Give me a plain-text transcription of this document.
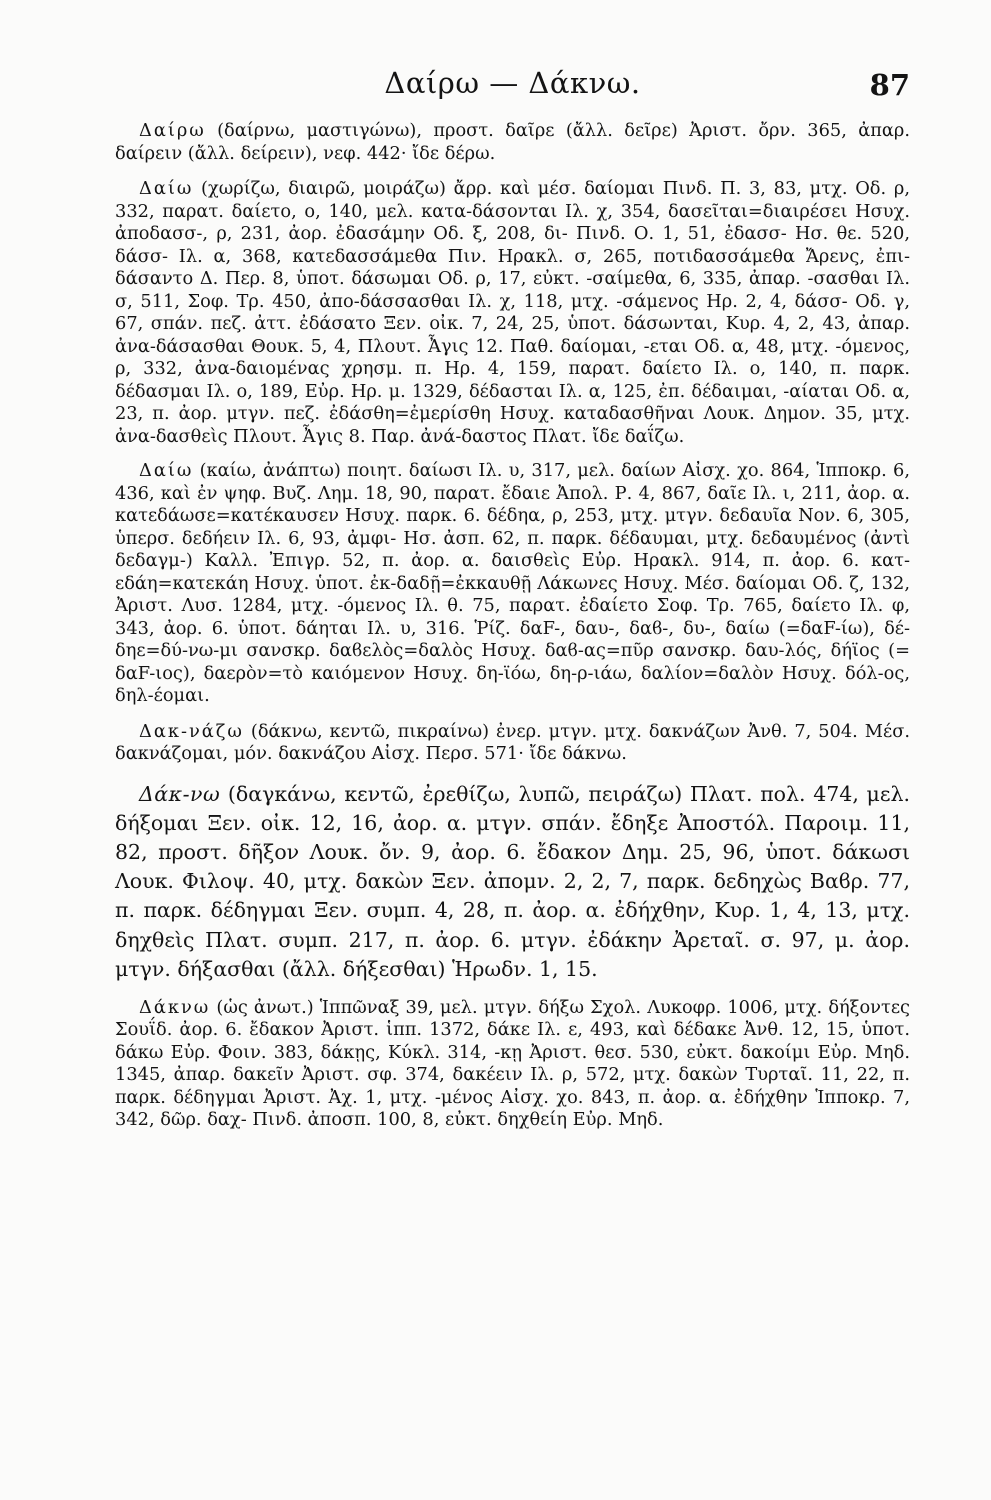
Δαίρω — Δάκνω.	87

Δαίρω (δαίρνω, μαστιγώνω), προστ. δαῖρε (ἄλλ. δεῖρε) Ἀριστ. ὄρν. 365, ἀπαρ. δαίρειν (ἄλλ. δείρειν), νεφ. 442· ἴδε δέρω.

Δαίω (χωρίζω, διαιρῶ, μοιράζω) ἄρρ. καὶ μέσ. δαίομαι Πινδ. Π. 3, 83, μτχ. Οδ. ρ, 332, παρατ. δαίετο, ο, 140, μελ. κατα-δάσονται Ιλ. χ, 354, δασεῖται=διαιρέσει Ησυχ. ἀποδασσ-, ρ, 231, ἀορ. ἐδασάμην Οδ. ξ, 208, δι- Πινδ. Ο. 1, 51, ἐδασσ- Ησ. θε. 520, δάσσ- Ιλ. α, 368, κατεδασσάμεθα Πιν. Ηρακλ. σ, 265, ποτιδασσάμεθα Ἄρενς, ἐπι-δάσαντο Δ. Περ. 8, ὑποτ. δάσωμαι Οδ. ρ, 17, εὐκτ. -σαίμεθα, 6, 335, ἀπαρ. -σασθαι Ιλ. σ, 511, Σοφ. Τρ. 450, ἀπο-δάσσασθαι Ιλ. χ, 118, μτχ. -σάμενος Ηρ. 2, 4, δάσσ- Οδ. γ, 67, σπάν. πεζ. ἀττ. ἐδάσατο Ξεν. οἰκ. 7, 24, 25, ὑποτ. δάσωνται, Κυρ. 4, 2, 43, ἀπαρ. ἀνα-δάσασθαι Θουκ. 5, 4, Πλουτ. Ἆγις 12. Παθ. δαίομαι, -εται Οδ. α, 48, μτχ. -όμενος, ρ, 332, ἀνα-δαιομένας χρησμ. π. Ηρ. 4, 159, παρατ. δαίετο Ιλ. ο, 140, π. παρκ. δέδασμαι Ιλ. ο, 189, Εὐρ. Ηρ. μ. 1329, δέδασται Ιλ. α, 125, ἐπ. δέδαιμαι, -αίαται Οδ. α, 23, π. ἀορ. μτγν. πεζ. ἐδάσθη=ἐμερίσθη Ησυχ. καταδασθῆναι Λουκ. Δημον. 35, μτχ. ἀνα-δασθεὶς Πλουτ. Ἆγις 8. Παρ. ἀνά-δαστος Πλατ. ἴδε δαΐζω.

Δαίω (καίω, ἀνάπτω) ποιητ. δαίωσι Ιλ. υ, 317, μελ. δαίων Αἰσχ. χο. 864, Ἱπποκρ. 6, 436, καὶ ἐν ψηφ. Βυζ. Λημ. 18, 90, παρατ. ἔδαιε Ἀπολ. Ρ. 4, 867, δαῖε Ιλ. ι, 211, ἀορ. α. κατεδάωσε=κατέκαυσεν Ησυχ. παρκ. 6. δέδηα, ρ, 253, μτχ. μτγν. δεδαυῖα Νον. 6, 305, ὑπερσ. δεδήειν Ιλ. 6, 93, ἀμφι- Ησ. ἀσπ. 62, π. παρκ. δέδαυμαι, μτχ. δεδαυμένος (ἀντὶ δεδαγμ-) Καλλ. Ἐπιγρ. 52, π. ἀορ. α. δαισθεὶς Εὐρ. Ηρακλ. 914, π. ἀορ. 6. κατ-εδάη=κατεκάη Ησυχ. ὑποτ. ἐκ-δαδῇ=ἐκκαυθῇ Λάκωνες Ησυχ. Μέσ. δαίομαι Οδ. ζ, 132, Ἀριστ. Λυσ. 1284, μτχ. -όμενος Ιλ. θ. 75, παρατ. ἐδαίετο Σοφ. Τρ. 765, δαίετο Ιλ. φ, 343, ἀορ. 6. ὑποτ. δάηται Ιλ. υ, 316. Ῥίζ. δαF-, δαυ-, δαϐ-, δυ-, δαίω (=δαF-ίω), δέ-δηε=δύ-νω-μι σανσκρ. δαϐελὸς=δαλὸς Ησυχ. δαϐ-ας=πῦρ σανσκρ. δαυ-λός, δήϊος (= δαF-ιος), δαερὸν=τὸ καιόμενον Ησυχ. δη-ϊόω, δη-ρ-ιάω, δαλίον=δαλὸν Ησυχ. δόλ-ος, δηλ-έομαι.

Δακ-νάζω (δάκνω, κεντῶ, πικραίνω) ἐνερ. μτγν. μτχ. δακνάζων Ἀνθ. 7, 504. Μέσ. δακνάζομαι, μόν. δακνάζου Αἰσχ. Περσ. 571· ἴδε δάκνω.

Δάκ-νω (δαγκάνω, κεντῶ, ἐρεθίζω, λυπῶ, πειράζω) Πλατ. πολ. 474, μελ. δήξομαι Ξεν. οἰκ. 12, 16, ἀορ. α. μτγν. σπάν. ἔδηξε Ἀποστόλ. Παροιμ. 11, 82, προστ. δῆξον Λουκ. ὄν. 9, ἀορ. 6. ἔδακον Δημ. 25, 96, ὑποτ. δάκωσι Λουκ. Φιλοψ. 40, μτχ. δακὼν Ξεν. ἀπομν. 2, 2, 7, παρκ. δεδηχὼς Βαϐρ. 77, π. παρκ. δέδηγμαι Ξεν. συμπ. 4, 28, π. ἀορ. α. ἐδήχθην, Κυρ. 1, 4, 13, μτχ. δηχθεὶς Πλατ. συμπ. 217, π. ἀορ. 6. μτγν. ἐδάκην Ἀρεταῖ. σ. 97, μ. ἀορ. μτγν. δήξασθαι (ἄλλ. δήξεσθαι) Ἡρωδν. 1, 15.

Δάκνω (ὡς ἀνωτ.) Ἱππῶναξ 39, μελ. μτγν. δήξω Σχολ. Λυκοφρ. 1006, μτχ. δήξοντες Σουΐδ. ἀορ. 6. ἔδακον Ἀριστ. ἱππ. 1372, δάκε Ιλ. ε, 493, καὶ δέδακε Ἀνθ. 12, 15, ὑποτ. δάκω Εὐρ. Φοιν. 383, δάκῃς, Κύκλ. 314, -κῃ Ἀριστ. θεσ. 530, εὐκτ. δακοίμι Εὐρ. Μηδ. 1345, ἀπαρ. δακεῖν Ἀριστ. σφ. 374, δακέειν Ιλ. ρ, 572, μτχ. δακὼν Τυρταῖ. 11, 22, π. παρκ. δέδηγμαι Ἀριστ. Ἀχ. 1, μτχ. -μένος Αἰσχ. χο. 843, π. ἀορ. α. ἐδήχθην Ἱπποκρ. 7, 342, δῶρ. δαχ- Πινδ. ἀποσπ. 100, 8, εὐκτ. δηχθείη Εὐρ. Μηδ.
